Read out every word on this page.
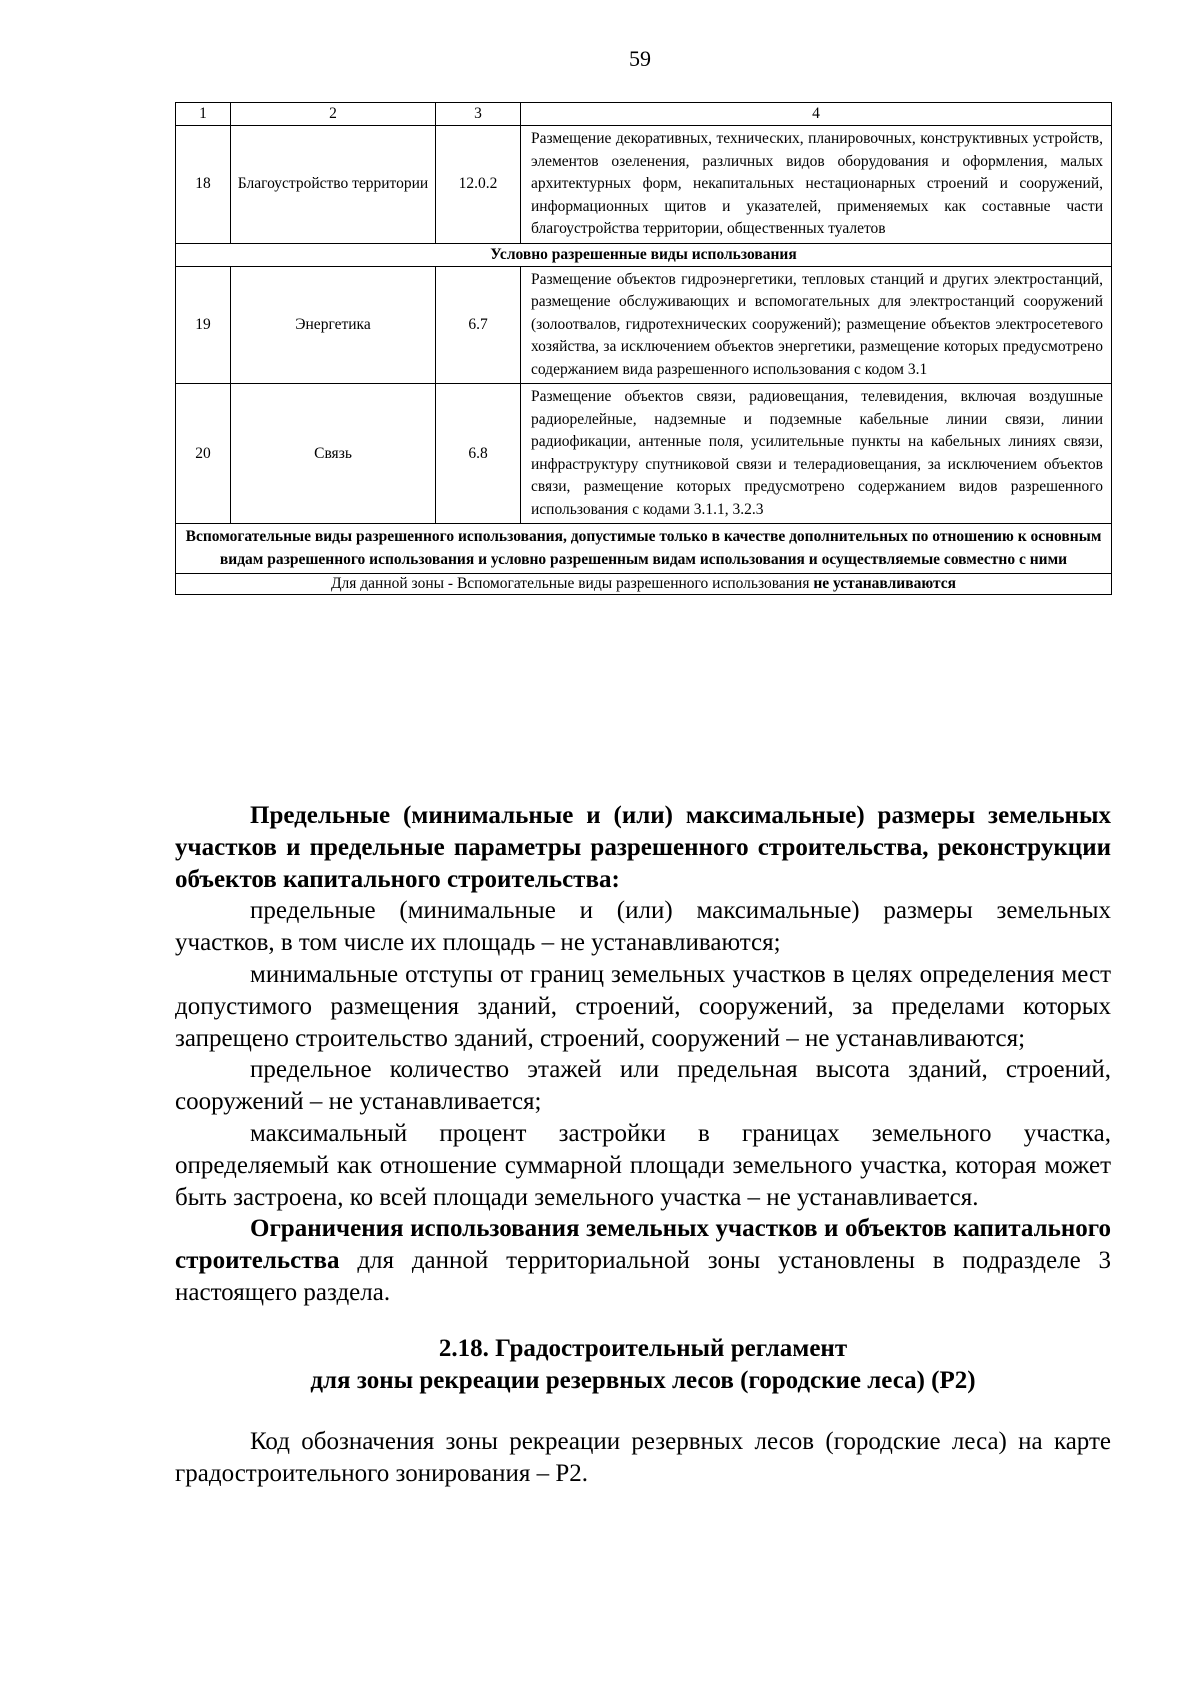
59
1	2	3	4
18	Благоустройство территории	12.0.2	Размещение декоративных, технических, планировочных, конструктивных устройств, элементов озеленения, различных видов оборудования и оформления, малых архитектурных форм, некапитальных нестационарных строений и сооружений, информационных щитов и указателей, применяемых как составные части благоустройства территории, общественных туалетов
Условно разрешенные виды использования			
19	Энергетика	6.7	Размещение объектов гидроэнергетики, тепловых станций и других электростанций, размещение обслуживающих и вспомогательных для электростанций сооружений (золоотвалов, гидротехнических сооружений); размещение объектов электросетевого хозяйства, за исключением объектов энергетики, размещение которых предусмотрено содержанием вида разрешенного использования с кодом 3.1
20	Связь	6.8	Размещение объектов связи, радиовещания, телевидения, включая воздушные радиорелейные, надземные и подземные кабельные линии связи, линии радиофикации, антенные поля, усилительные пункты на кабельных линиях связи, инфраструктуру спутниковой связи и телерадиовещания, за исключением объектов связи, размещение которых предусмотрено содержанием видов разрешенного использования с кодами 3.1.1, 3.2.3
Вспомогательные виды разрешенного использования, допустимые только в качестве дополнительных по отношению к основным видам разрешенного использования и условно разрешенным видам использования и осуществляемые совместно с ними			
Для данной зоны - Вспомогательные виды разрешенного использования не устанавливаются			

Предельные (минимальные и (или) максимальные) размеры земельных участков и предельные параметры разрешенного строительства, реконструкции объектов капитального строительства:

предельные (минимальные и (или) максимальные) размеры земельных участков, в том числе их площадь – не устанавливаются;

минимальные отступы от границ земельных участков в целях определения мест допустимого размещения зданий, строений, сооружений, за пределами которых запрещено строительство зданий, строений, сооружений – не устанавливаются;

предельное количество этажей или предельная высота зданий, строений, сооружений – не устанавливается;

максимальный процент застройки в границах земельного участка, определяемый как отношение суммарной площади земельного участка, которая может быть застроена, ко всей площади земельного участка – не устанавливается.

Ограничения использования земельных участков и объектов капитального строительства для данной территориальной зоны установлены в подразделе 3 настоящего раздела.

2.18. Градостроительный регламент

для зоны рекреации резервных лесов (городские леса) (Р2)

Код обозначения зоны рекреации резервных лесов (городские леса) на карте градостроительного зонирования – Р2.
